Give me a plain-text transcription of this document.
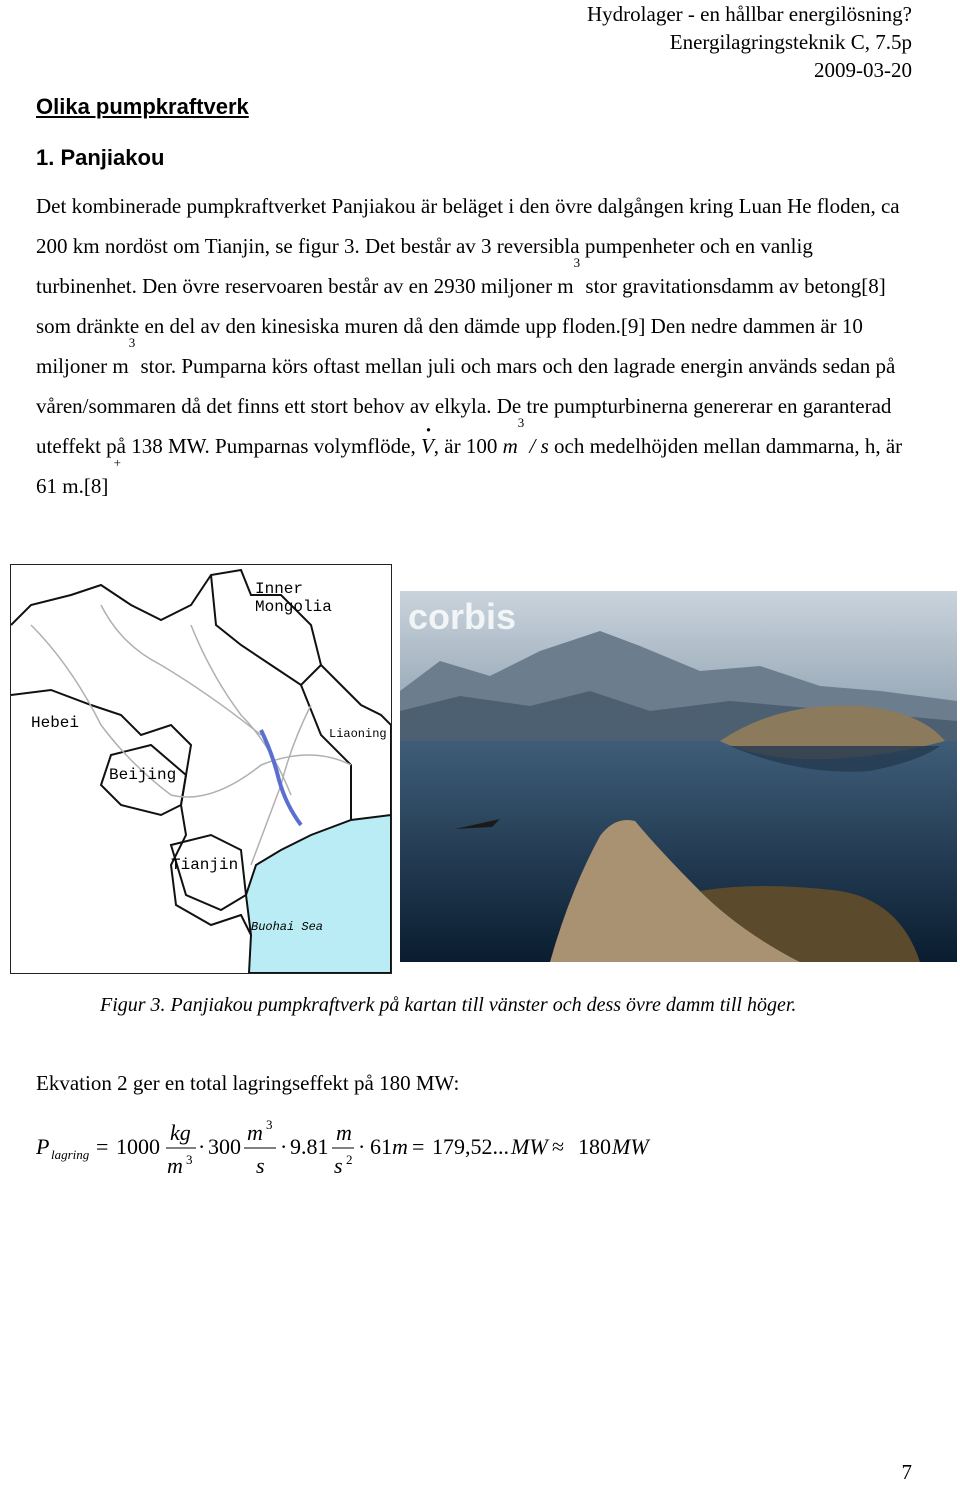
Hydrolager - en hållbar energilösning?
Energilagringsteknik C, 7.5p
2009-03-20
Olika pumpkraftverk
1. Panjiakou
Det kombinerade pumpkraftverket Panjiakou är beläget i den övre dalgången kring Luan He floden, ca 200 km nordöst om Tianjin, se figur 3. Det består av 3 reversibla pumpenheter och en vanlig turbinenhet. Den övre reservoaren består av en 2930 miljoner $m^3$ stor gravitationsdamm av betong[8] som dränkte en del av den kinesiska muren då den dämde upp floden.[9] Den nedre dammen är 10 miljoner $m^3$ stor. Pumparna körs oftast mellan juli och mars och den lagrade energin används sedan på våren/sommaren då det finns ett stort behov av elkyla. De tre pumpturbinerna genererar en garanterad uteffekt på 138 MW. Pumparnas volymflöde, · V, är 100 $m^3$ / s och medelhöjden mellan dammarna, h, är 61 m.[8] +
Inner
Mongolia
Hebei
Liaoning
Beijing
Tianjin
Buohai Sea
corbis
Figur 3. Panjiakou pumpkraftverk på kartan till vänster och dess övre damm till höger.
Ekvation 2 ger en total lagringseffekt på 180 MW:
P lagring = 1000
kg
m 3
· 300
m 3
s
· 9.81
m
s 2
· 61 m = 179,52... MW ≈ 180 MW
7
